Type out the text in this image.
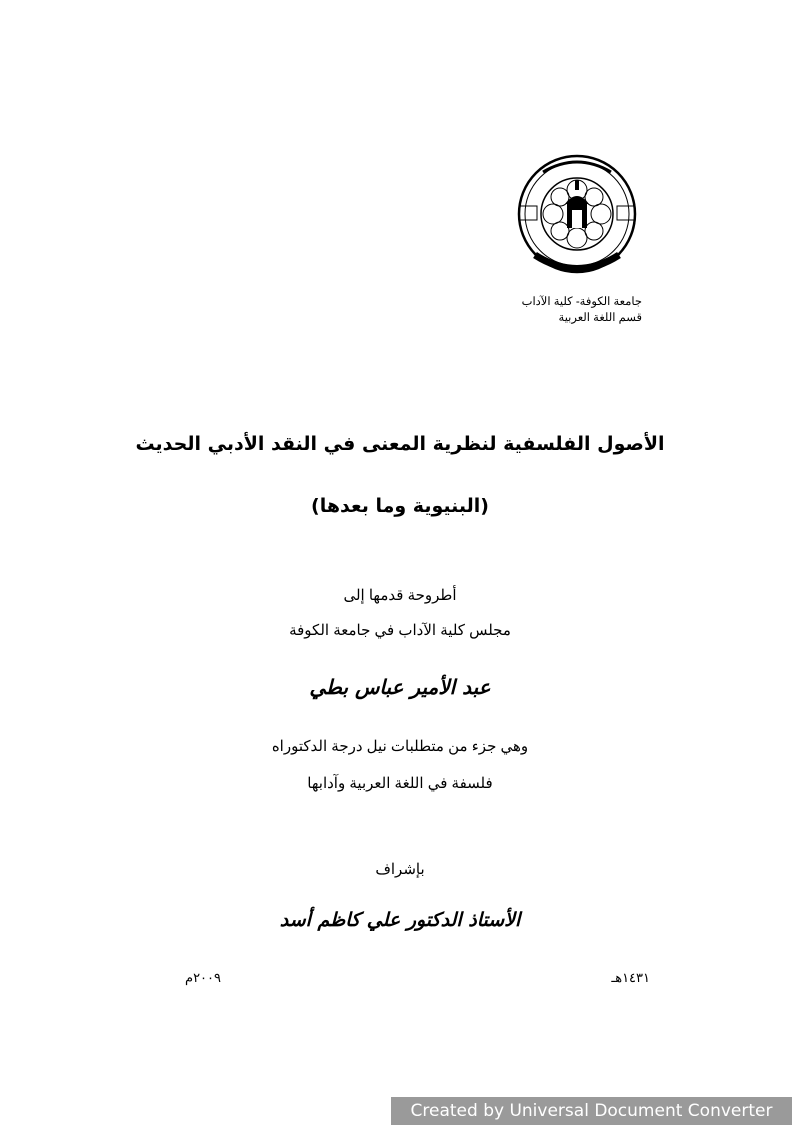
جامعة الكوفة- كلية الآداب
قسم اللغة العربية
الأصول الفلسفية لنظرية المعنى في النقد الأدبي الحديث
(البنيوية وما بعدها)
أطروحة قدمها إلى
مجلس كلية الآداب في جامعة الكوفة
عبد الأمير عباس بطي
وهي جزء من متطلبات نيل درجة الدكتوراه
فلسفة في اللغة العربية وآدابها
بإشراف
الأستاذ الدكتور علي كاظم أسد
١٤٣١هـ
٢٠٠٩م
Created by Universal Document Converter
